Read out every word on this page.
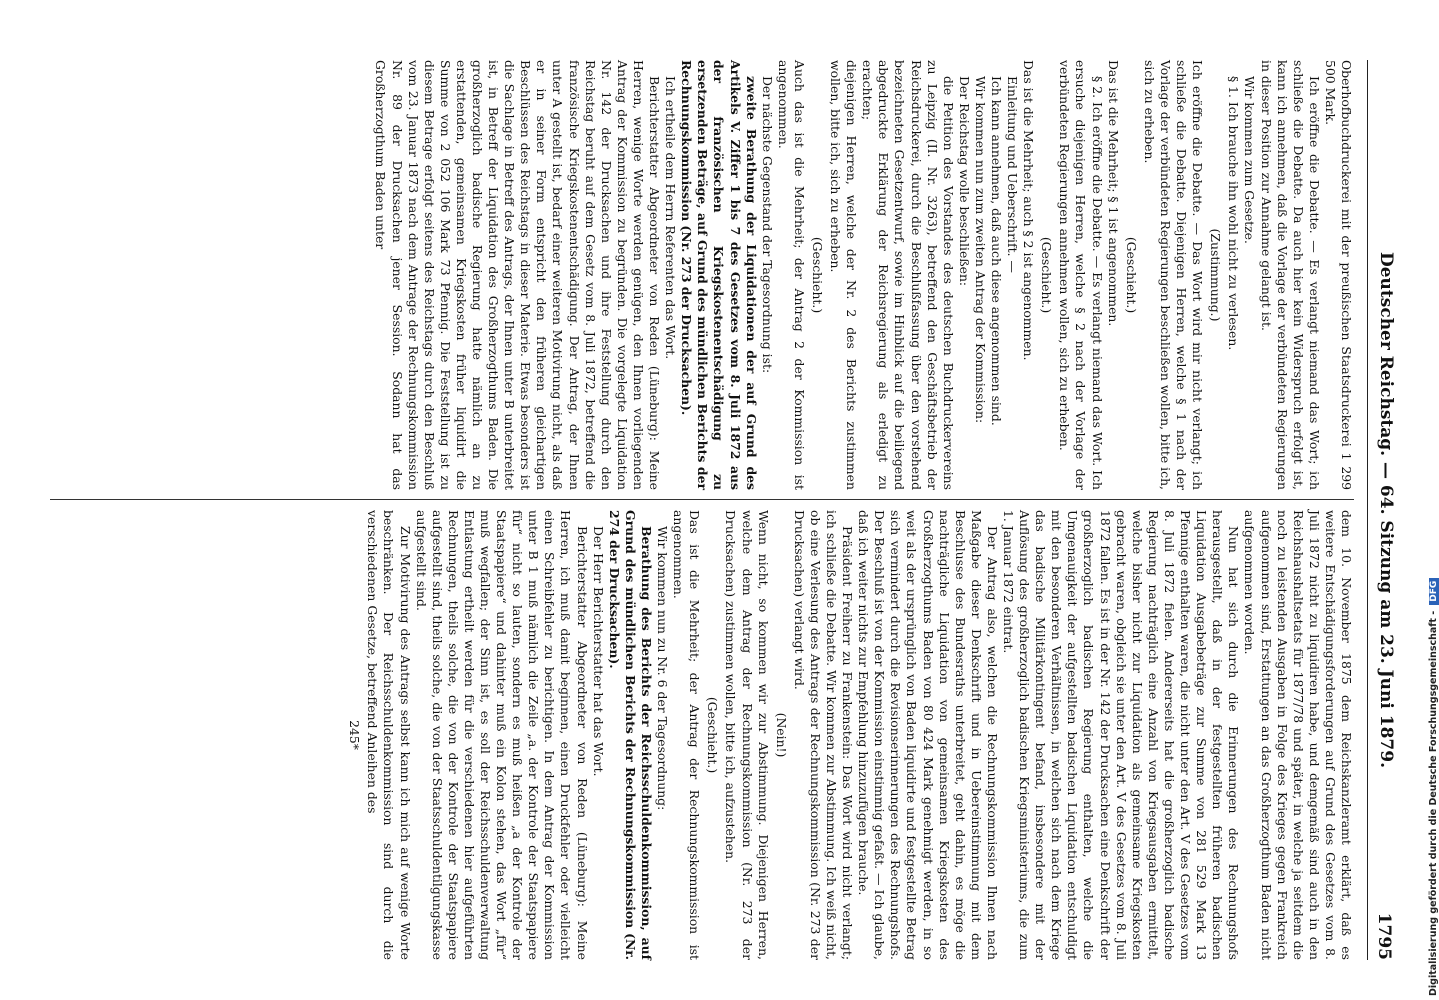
Deutscher Reichstag. — 64. Sitzung am 23. Juni 1879.
1795

Oberhofbuchdruckerei mit der preußischen Staatsdruckerei 1 299 500 Mark.

Ich eröffne die Debatte. — Es verlangt niemand das Wort; ich schließe die Debatte. Da auch hier kein Widerspruch erfolgt ist, kann ich annehmen, daß die Vorlage der verbündeten Regierungen in dieser Position zur Annahme gelangt ist.

Wir kommen zum Gesetze.

§ 1. Ich brauche ihn wohl nicht zu verlesen.

(Zustimmung.)

Ich eröffne die Debatte. — Das Wort wird mir nicht verlangt; ich schließe die Debatte. Diejenigen Herren, welche § 1 nach der Vorlage der verbündeten Regierungen beschließen wollen, bitte ich, sich zu erheben.

(Geschieht.)

Das ist die Mehrheit; § 1 ist angenommen.

§ 2. Ich eröffne die Debatte. — Es verlangt niemand das Wort. Ich ersuche diejenigen Herren, welche § 2 nach der Vorlage der verbündeten Regierungen annehmen wollen, sich zu erheben.

(Geschieht.)

Das ist die Mehrheit; auch § 2 ist angenommen.

Einleitung und Ueberschrift. —

Ich kann annehmen, daß auch diese angenommen sind.

Wir kommen nun zum zweiten Antrag der Kommission:

Der Reichstag wolle beschließen:

die Petition des Vorstandes des deutschen Buchdruckervereins zu Leipzig (II. Nr. 3263), betreffend den Geschäftsbetrieb der Reichsdruckerei, durch die Beschlußfassung über den vorstehend bezeichneten Gesetzentwurf, sowie im Hinblick auf die beiliegend abgedruckte Erklärung der Reichsregierung als erledigt zu erachten;

diejenigen Herren, welche der Nr. 2 des Berichts zustimmen wollen, bitte ich, sich zu erheben.

(Geschieht.)

Auch das ist die Mehrheit; der Antrag 2 der Kommission ist angenommen.

Der nächste Gegenstand der Tagesordnung ist:

zweite Berathung der Liquidationen der auf Grund des Artikels V. Ziffer 1 bis 7 des Gesetzes vom 8. Juli 1872 aus der französischen Kriegskostenentschädigung zu ersetzenden Beträge, auf Grund des mündlichen Berichts der Rechnungskommission (Nr. 273 der Drucksachen).

Ich ertheile dem Herrn Referenten das Wort.

Berichterstatter Abgeordneter von Reden (Lüneburg): Meine Herren, wenige Worte werden genügen, den Ihnen vorliegenden Antrag der Kommission zu begründen. Die vorgelegte Liquidation Nr. 142 der Drucksachen und ihre Feststellung durch den Reichstag beruht auf dem Gesetz vom 8. Juli 1872, betreffend die französische Kriegskostenentschädigung. Der Antrag, der Ihnen unter A gestellt ist, bedarf einer weiteren Motivirung nicht, als daß er in seiner Form entspricht den früheren gleichartigen Beschlüssen des Reichstags in dieser Materie. Etwas besonders ist die Sachlage in Betreff des Antrags, der Ihnen unter B unterbreitet ist, in Betreff der Liquidation des Großherzogthums Baden. Die großherzoglich badische Regierung hatte nämlich an zu erstattenden, gemeinsamen Kriegskosten früher liquidirt die Summe von 2 052 106 Mark 73 Pfennig. Die Feststellung ist zu diesem Betrage erfolgt seitens des Reichstags durch den Beschluß vom 23. Januar 1873 nach dem Antrage der Rechnungskommission Nr. 89 der Drucksachen jener Session. Sodann hat das Großherzogthum Baden unter

dem 10. November 1875 dem Reichskanzleramt erklärt, daß es weitere Entschädigungsforderungen auf Grund des Gesetzes vom 8. Juli 1872 nicht zu liquidiren habe, und demgemäß sind auch in den Reichshaushaltsetats für 1877/78 und später, in welche ja seitdem die noch zu leistenden Ausgaben in Folge des Krieges gegen Frankreich aufgenommen sind, Erstattungen an das Großherzogthum Baden nicht aufgenommen worden.

Nun hat sich durch die Erinnerungen des Rechnungshofs herausgestellt, daß in der festgestellten früheren badischen Liquidation Ausgabebeträge zur Summe von 281 529 Mark 13 Pfennige enthalten waren, die nicht unter den Art. V des Gesetzes vom 8. Juli 1872 fielen. Andererseits hat die großherzoglich badische Regierung nachträglich eine Anzahl von Kriegsausgaben ermittelt, welche bisher nicht zur Liquidation als gemeinsame Kriegskosten gebracht waren, obgleich sie unter den Art. V des Gesetzes vom 8. Juli 1872 fallen. Es ist in der Nr. 142 der Drucksachen eine Denkschrift der großherzoglich badischen Regierung enthalten, welche die Umgenauigkeit der aufgestellten badischen Liquidation entschuldigt mit den besonderen Verhältnissen, in welchen sich nach dem Kriege das badische Militärkontingent befand, insbesondere mit der Auflösung des großherzoglich badischen Kriegsministeriums, die zum 1. Januar 1872 eintrat.

Der Antrag also, welchen die Rechnungskommission Ihnen nach Maßgabe dieser Denkschrift und in Uebereinstimmung mit dem Beschlusse des Bundesraths unterbreitet, geht dahin, es möge die nachträgliche Liquidation von gemeinsamen Kriegskosten des Großherzogthums Baden von 80 424 Mark genehmigt werden, in so weit als der ursprünglich von Baden liquidirte und festgestellte Betrag sich vermindert durch die Revisionserinnerungen des Rechnungshofs. Der Beschluß ist von der Kommission einstimmig gefaßt. — Ich glaube, daß ich weiter nichts zur Empfehlung hinzuzufügen brauche.

Präsident Freiherr zu Frankenstein: Das Wort wird nicht verlangt; ich schließe die Debatte. Wir kommen zur Abstimmung. Ich weiß nicht, ob eine Verlesung des Antrags der Rechnungskommission (Nr. 273 der Drucksachen) verlangt wird.

(Nein!)

Wenn nicht, so kommen wir zur Abstimmung. Diejenigen Herren, welche dem Antrag der Rechnungskommission (Nr. 273 der Drucksachen) zustimmen wollen, bitte ich, aufzustehen.

(Geschieht.)

Das ist die Mehrheit; der Antrag der Rechnungskommission ist angenommen.

Wir kommen nun zu Nr. 6 der Tagesordnung:

Berathung des Berichts der Reichsschuldenkommission, auf Grund des mündlichen Berichts der Rechnungskommission (Nr. 274 der Drucksachen).

Der Herr Berichterstatter hat das Wort.

Berichterstatter Abgeordneter von Reden (Lüneburg): Meine Herren, ich muß damit beginnen, einen Druckfehler oder vielleicht einen Schreibfehler zu berichtigen. In dem Antrag der Kommission unter B 1 muß nämlich die Zeile „a. der Kontrole der Staatspapiere für“ nicht so lauten, sondern es muß heißen „a der Kontrole der Staatspapiere“ und dahinter muß ein Kolon stehen, das Wort „für“ muß wegfallen; der Sinn ist, es soll der Reichsschuldenverwaltung Entlastung ertheilt werden für die verschiedenen hier aufgeführten Rechnungen, theils solche, die von der Kontrole der Staatspapiere aufgestellt sind, theils solche, die von der Staatsschuldentilgungskasse aufgestellt sind.

Zur Motivirung des Antrags selbst kann ich mich auf wenige Worte beschränken. Der Reichsschuldenkommission sind durch die verschiedenen Gesetze, betreffend Anleihen des

245*	Digitalisierung gefördert durch die Deutsche Forschungsgemeinschaft -DFG
